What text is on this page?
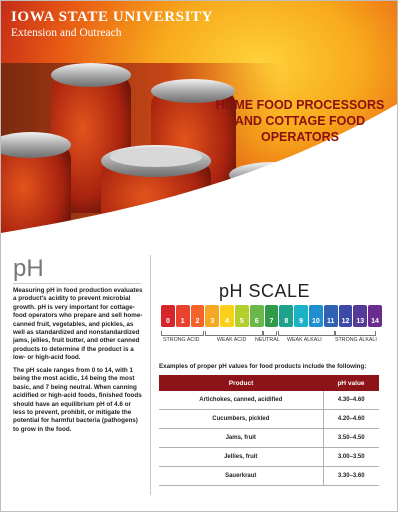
IOWA STATE UNIVERSITY
Extension and Outreach
HOME FOOD PROCESSORS
AND COTTAGE FOOD
OPERATORS
pH

Measuring pH in food production evaluates a product's acidity to prevent microbial growth. pH is very important for cottage-food operators who prepare and sell home-canned fruit, vegetables, and pickles, as well as standardized and nonstandardized jams, jellies, fruit butter, and other canned products to determine if the product is a low- or high-acid food.

The pH scale ranges from 0 to 14, with 1 being the most acidic, 14 being the most basic, and 7 being neutral. When canning acidified or high-acid foods, finished foods should have an equilibrium pH of 4.6 or less to prevent, prohibit, or mitigate the potential for harmful bacteria (pathogens) to grow in the food.

pH SCALE
0	1	2	3	4	5	6	7	8	9	10	11	12	13	14
STRONG ACID	WEAK ACID NEUTRAL WEAK ALKALI	STRONG ALKALI
Examples of proper pH values for food products include the following:
Product	pH value
Artichokes, canned, acidified	4.30–4.60
Cucumbers, pickled	4.20–4.60
Jams, fruit	3.50–4.50
Jellies, fruit	3.00–3.50
Sauerkraut	3.30–3.60
